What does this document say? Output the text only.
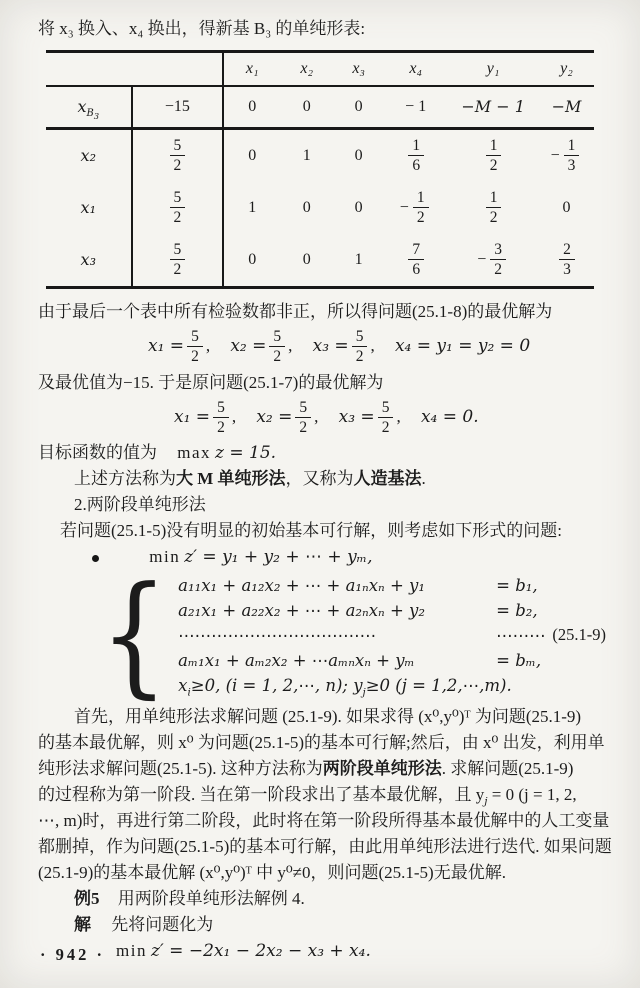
将 x₃ 换入、x₄ 换出，得新基 B₃ 的单纯形表:
		x₁	x₂	x₃	x₄	y₁	y₂
$x_{B_3}$	−15	0	0	0	− 1	−M − 1	−M
x₂	$\frac{5}{2}$	0	1	0	$\frac{1}{6}$	$\frac{1}{2}$	− $\frac{1}{3}$

x₁	$\frac{5}{2}$	1	0	0	− $\frac{1}{2}$	$\frac{1}{2}$	0
x₃	$\frac{5}{2}$	0	0	1	$\frac{7}{6}$	− $\frac{3}{2}$	$\frac{2}{3}$
由于最后一个表中所有检验数都非正，所以得问题(25.1-8)的最优解为
$x_1 = \frac{5}{2}$ , $x_2 = \frac{5}{2}$ , $x_3 = \frac{5}{2}$ , x₄ = y₁ = y₂ = 0
及最优值为−15. 于是原问题(25.1-7)的最优解为
$x_1 = \frac{5}{2}$ , $x_2 = \frac{5}{2}$ , $x_3 = \frac{5}{2}$ , x₄ = 0.
目标函数的值为 max z = 15.
上述方法称为大 M 单纯形法，又称为人造基法.
2.两阶段单纯形法
若问题(25.1-5)没有明显的初始基本可行解，则考虑如下形式的问题:
min z′ = y₁ + y₂ + ⋯ + yₘ,
{ a₁₁x₁ + a₁₂x₂ + ⋯ + a₁ₙxₙ + y₁	= b₁,
a₂₁x₁ + a₂₂x₂ + ⋯ + a₂ₙxₙ + y₂	= b₂,
⋯⋯⋯⋯⋯⋯⋯⋯⋯⋯⋯⋯	⋯⋯⋯
aₘ₁x₁ + aₘ₂x₂ + ⋯aₘₙxₙ + yₘ	= bₘ,
$x_i\ge 0$, (i = 1, 2,⋯, n); $y_j\ge 0$ (j = 1,2,⋯,m).
(25.1-9)
首先，用单纯形法求解问题 (25.1-9). 如果求得 (x⁰,y⁰)ᵀ 为问题(25.1-9)
的基本最优解，则 x⁰ 为问题(25.1-5)的基本可行解;然后，由 x⁰ 出发，利用单
纯形法求解问题(25.1-5). 这种方法称为两阶段单纯形法. 求解问题(25.1-9)
的过程称为第一阶段. 当在第一阶段求出了基本最优解，且 $y_j = 0$ (j = 1, 2,
⋯, m)时，再进行第二阶段，此时将在第一阶段所得基本最优解中的人工变量
都删掉，作为问题(25.1-5)的基本可行解，由此用单纯形法进行迭代. 如果问题
(25.1-9)的基本最优解 (x⁰,y⁰)ᵀ 中 y⁰≠0，则问题(25.1-5)无最优解.
例5 用两阶段单纯形法解例 4.
解 先将问题化为
min z′ = −2x₁ − 2x₂ − x₃ + x₄.
· 942 ·
